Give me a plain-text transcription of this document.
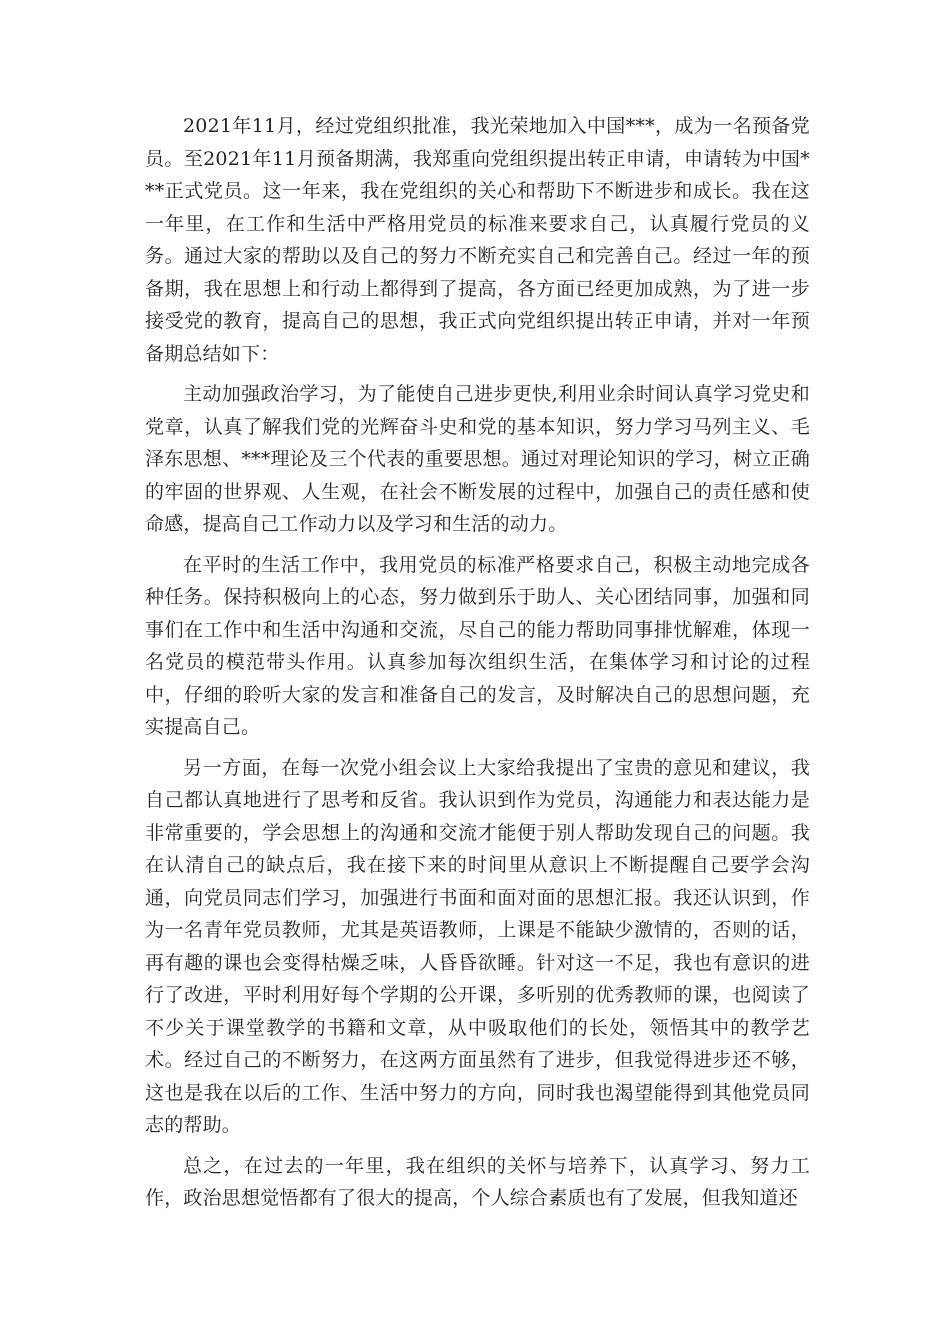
2021年11月，经过党组织批准，我光荣地加入中国***，成为一名预备党员。至2021年11月预备期满，我郑重向党组织提出转正申请，申请转为中国***正式党员。这一年来，我在党组织的关心和帮助下不断进步和成长。我在这一年里，在工作和生活中严格用党员的标准来要求自己，认真履行党员的义务。通过大家的帮助以及自己的努力不断充实自己和完善自己。经过一年的预备期，我在思想上和行动上都得到了提高，各方面已经更加成熟，为了进一步接受党的教育，提高自己的思想，我正式向党组织提出转正申请，并对一年预备期总结如下：

主动加强政治学习，为了能使自己进步更快,利用业余时间认真学习党史和党章，认真了解我们党的光辉奋斗史和党的基本知识，努力学习马列主义、毛泽东思想、***理论及三个代表的重要思想。通过对理论知识的学习，树立正确的牢固的世界观、人生观，在社会不断发展的过程中，加强自己的责任感和使命感，提高自己工作动力以及学习和生活的动力。

在平时的生活工作中，我用党员的标准严格要求自己，积极主动地完成各种任务。保持积极向上的心态，努力做到乐于助人、关心团结同事，加强和同事们在工作中和生活中沟通和交流，尽自己的能力帮助同事排忧解难，体现一名党员的模范带头作用。认真参加每次组织生活，在集体学习和讨论的过程中，仔细的聆听大家的发言和准备自己的发言，及时解决自己的思想问题，充实提高自己。

另一方面，在每一次党小组会议上大家给我提出了宝贵的意见和建议，我自己都认真地进行了思考和反省。我认识到作为党员，沟通能力和表达能力是非常重要的，学会思想上的沟通和交流才能便于别人帮助发现自己的问题。我在认清自己的缺点后，我在接下来的时间里从意识上不断提醒自己要学会沟通，向党员同志们学习，加强进行书面和面对面的思想汇报。我还认识到，作为一名青年党员教师，尤其是英语教师，上课是不能缺少激情的，否则的话，再有趣的课也会变得枯燥乏味，人昏昏欲睡。针对这一不足，我也有意识的进行了改进，平时利用好每个学期的公开课，多听别的优秀教师的课，也阅读了不少关于课堂教学的书籍和文章，从中吸取他们的长处，领悟其中的教学艺术。经过自己的不断努力，在这两方面虽然有了进步，但我觉得进步还不够，这也是我在以后的工作、生活中努力的方向，同时我也渴望能得到其他党员同志的帮助。

总之，在过去的一年里，我在组织的关怀与培养下，认真学习、努力工作，政治思想觉悟都有了很大的提高，个人综合素质也有了发展，但我知道还
